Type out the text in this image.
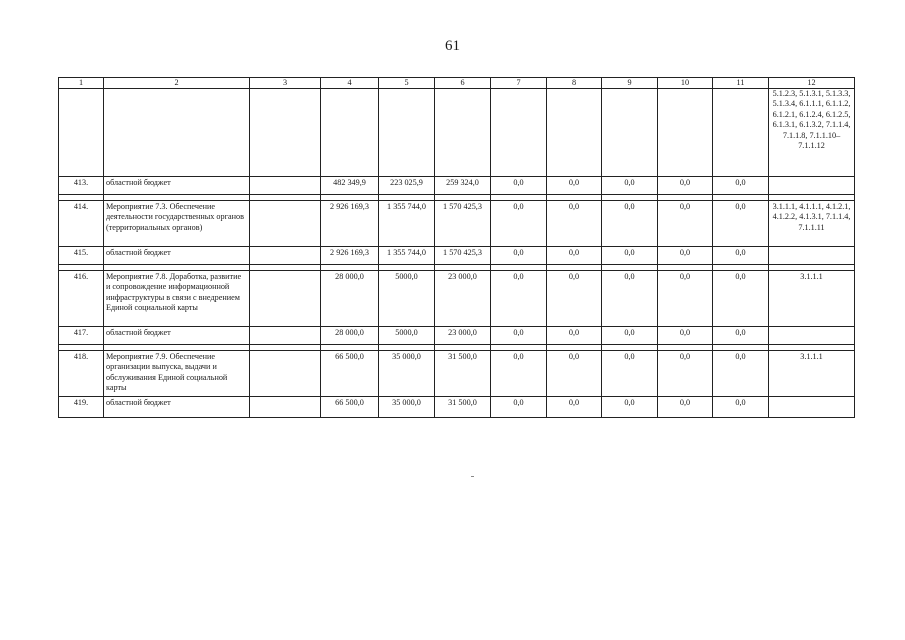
61
1	2	3	4	5	6	7	8	9	10	11	12
											5.1.2.3, 5.1.3.1, 5.1.3.3, 5.1.3.4, 6.1.1.1, 6.1.1.2, 6.1.2.1, 6.1.2.4, 6.1.2.5, 6.1.3.1, 6.1.3.2, 7.1.1.4, 7.1.1.8, 7.1.1.10–7.1.1.12
413.	областной бюджет		482 349,9	223 025,9	259 324,0	0,0	0,0	0,0	0,0	0,0	

414.	Мероприятие 7.3. Обеспечение деятельности государственных органов (территориальных органов)		2 926 169,3	1 355 744,0	1 570 425,3	0,0	0,0	0,0	0,0	0,0	3.1.1.1, 4.1.1.1, 4.1.2.1, 4.1.2.2, 4.1.3.1, 7.1.1.4, 7.1.1.11
415.	областной бюджет		2 926 169,3	1 355 744,0	1 570 425,3	0,0	0,0	0,0	0,0	0,0	

416.	Мероприятие 7.8. Доработка, развитие и сопровождение информационной инфраструктуры в связи с внедрением Единой социальной карты		28 000,0	5000,0	23 000,0	0,0	0,0	0,0	0,0	0,0	3.1.1.1
417.	областной бюджет		28 000,0	5000,0	23 000,0	0,0	0,0	0,0	0,0	0,0	

418.	Мероприятие 7.9. Обеспечение организации выпуска, выдачи и обслуживания Единой социальной карты		66 500,0	35 000,0	31 500,0	0,0	0,0	0,0	0,0	0,0	3.1.1.1
419.	областной бюджет		66 500,0	35 000,0	31 500,0	0,0	0,0	0,0	0,0	0,0	
